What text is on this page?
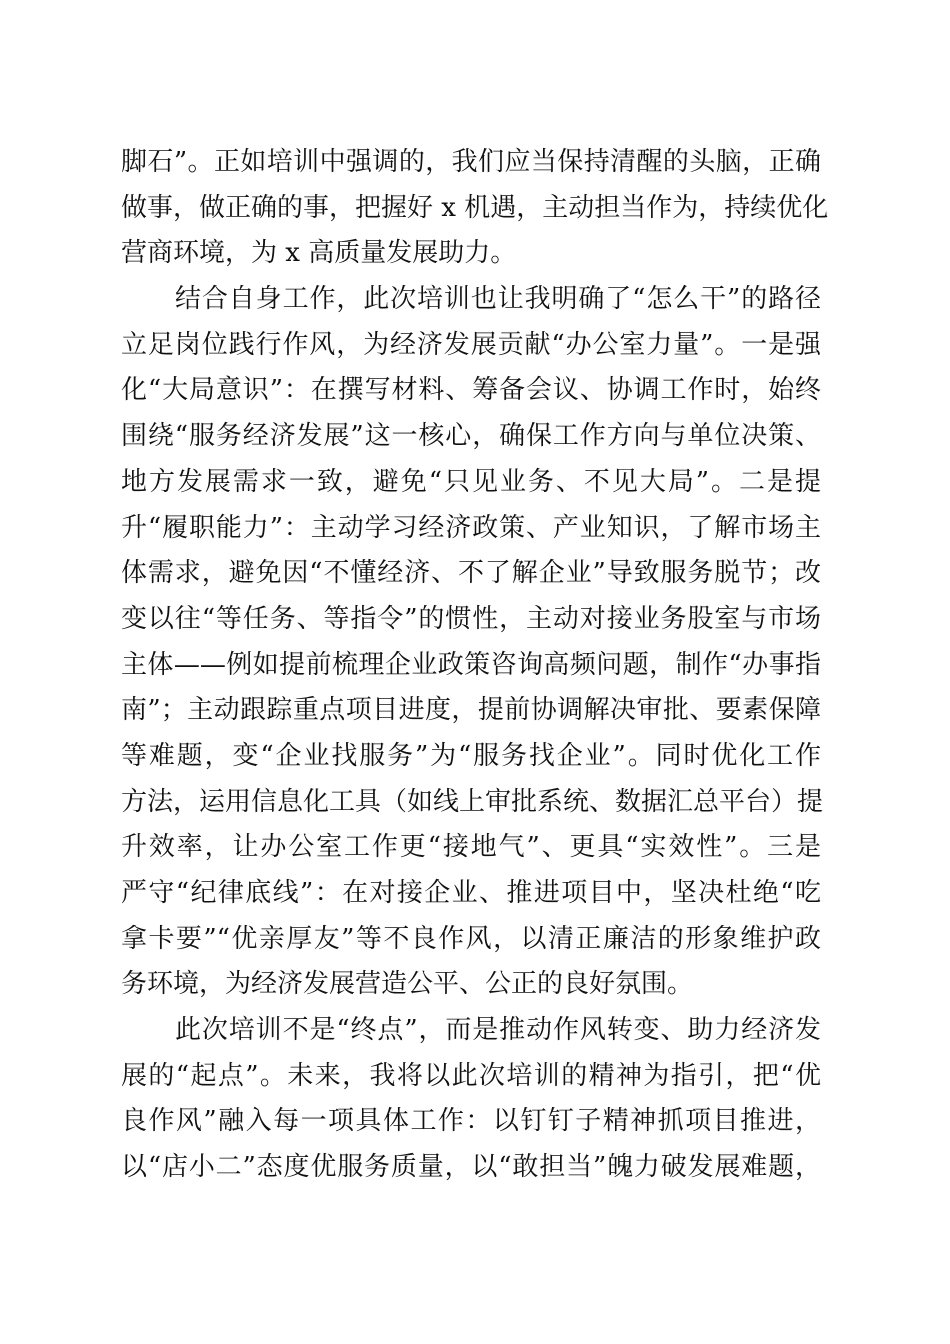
脚石”。正如培训中强调的，我们应当保持清醒的头脑，正确
做事，做正确的事，把握好 x 机遇，主动担当作为，持续优化
营商环境，为 x 高质量发展助力。
结合自身工作，此次培训也让我明确了“怎么干”的路径
立足岗位践行作风，为经济发展贡献“办公室力量”。一是强
化“大局意识”：在撰写材料、筹备会议、协调工作时，始终
围绕“服务经济发展”这一核心，确保工作方向与单位决策、
地方发展需求一致，避免“只见业务、不见大局”。二是提
升“履职能力”：主动学习经济政策、产业知识，了解市场主
体需求，避免因“不懂经济、不了解企业”导致服务脱节；改
变以往“等任务、等指令”的惯性，主动对接业务股室与市场
主体——例如提前梳理企业政策咨询高频问题，制作“办事指
南”；主动跟踪重点项目进度，提前协调解决审批、要素保障
等难题，变“企业找服务”为“服务找企业”。同时优化工作
方法，运用信息化工具（如线上审批系统、数据汇总平台）提
升效率，让办公室工作更“接地气”、更具“实效性”。三是
严守“纪律底线”：在对接企业、推进项目中，坚决杜绝“吃
拿卡要”“优亲厚友”等不良作风，以清正廉洁的形象维护政
务环境，为经济发展营造公平、公正的良好氛围。
此次培训不是“终点”，而是推动作风转变、助力经济发
展的“起点”。未来，我将以此次培训的精神为指引，把“优
良作风”融入每一项具体工作：以钉钉子精神抓项目推进，
以“店小二”态度优服务质量，以“敢担当”魄力破发展难题，
